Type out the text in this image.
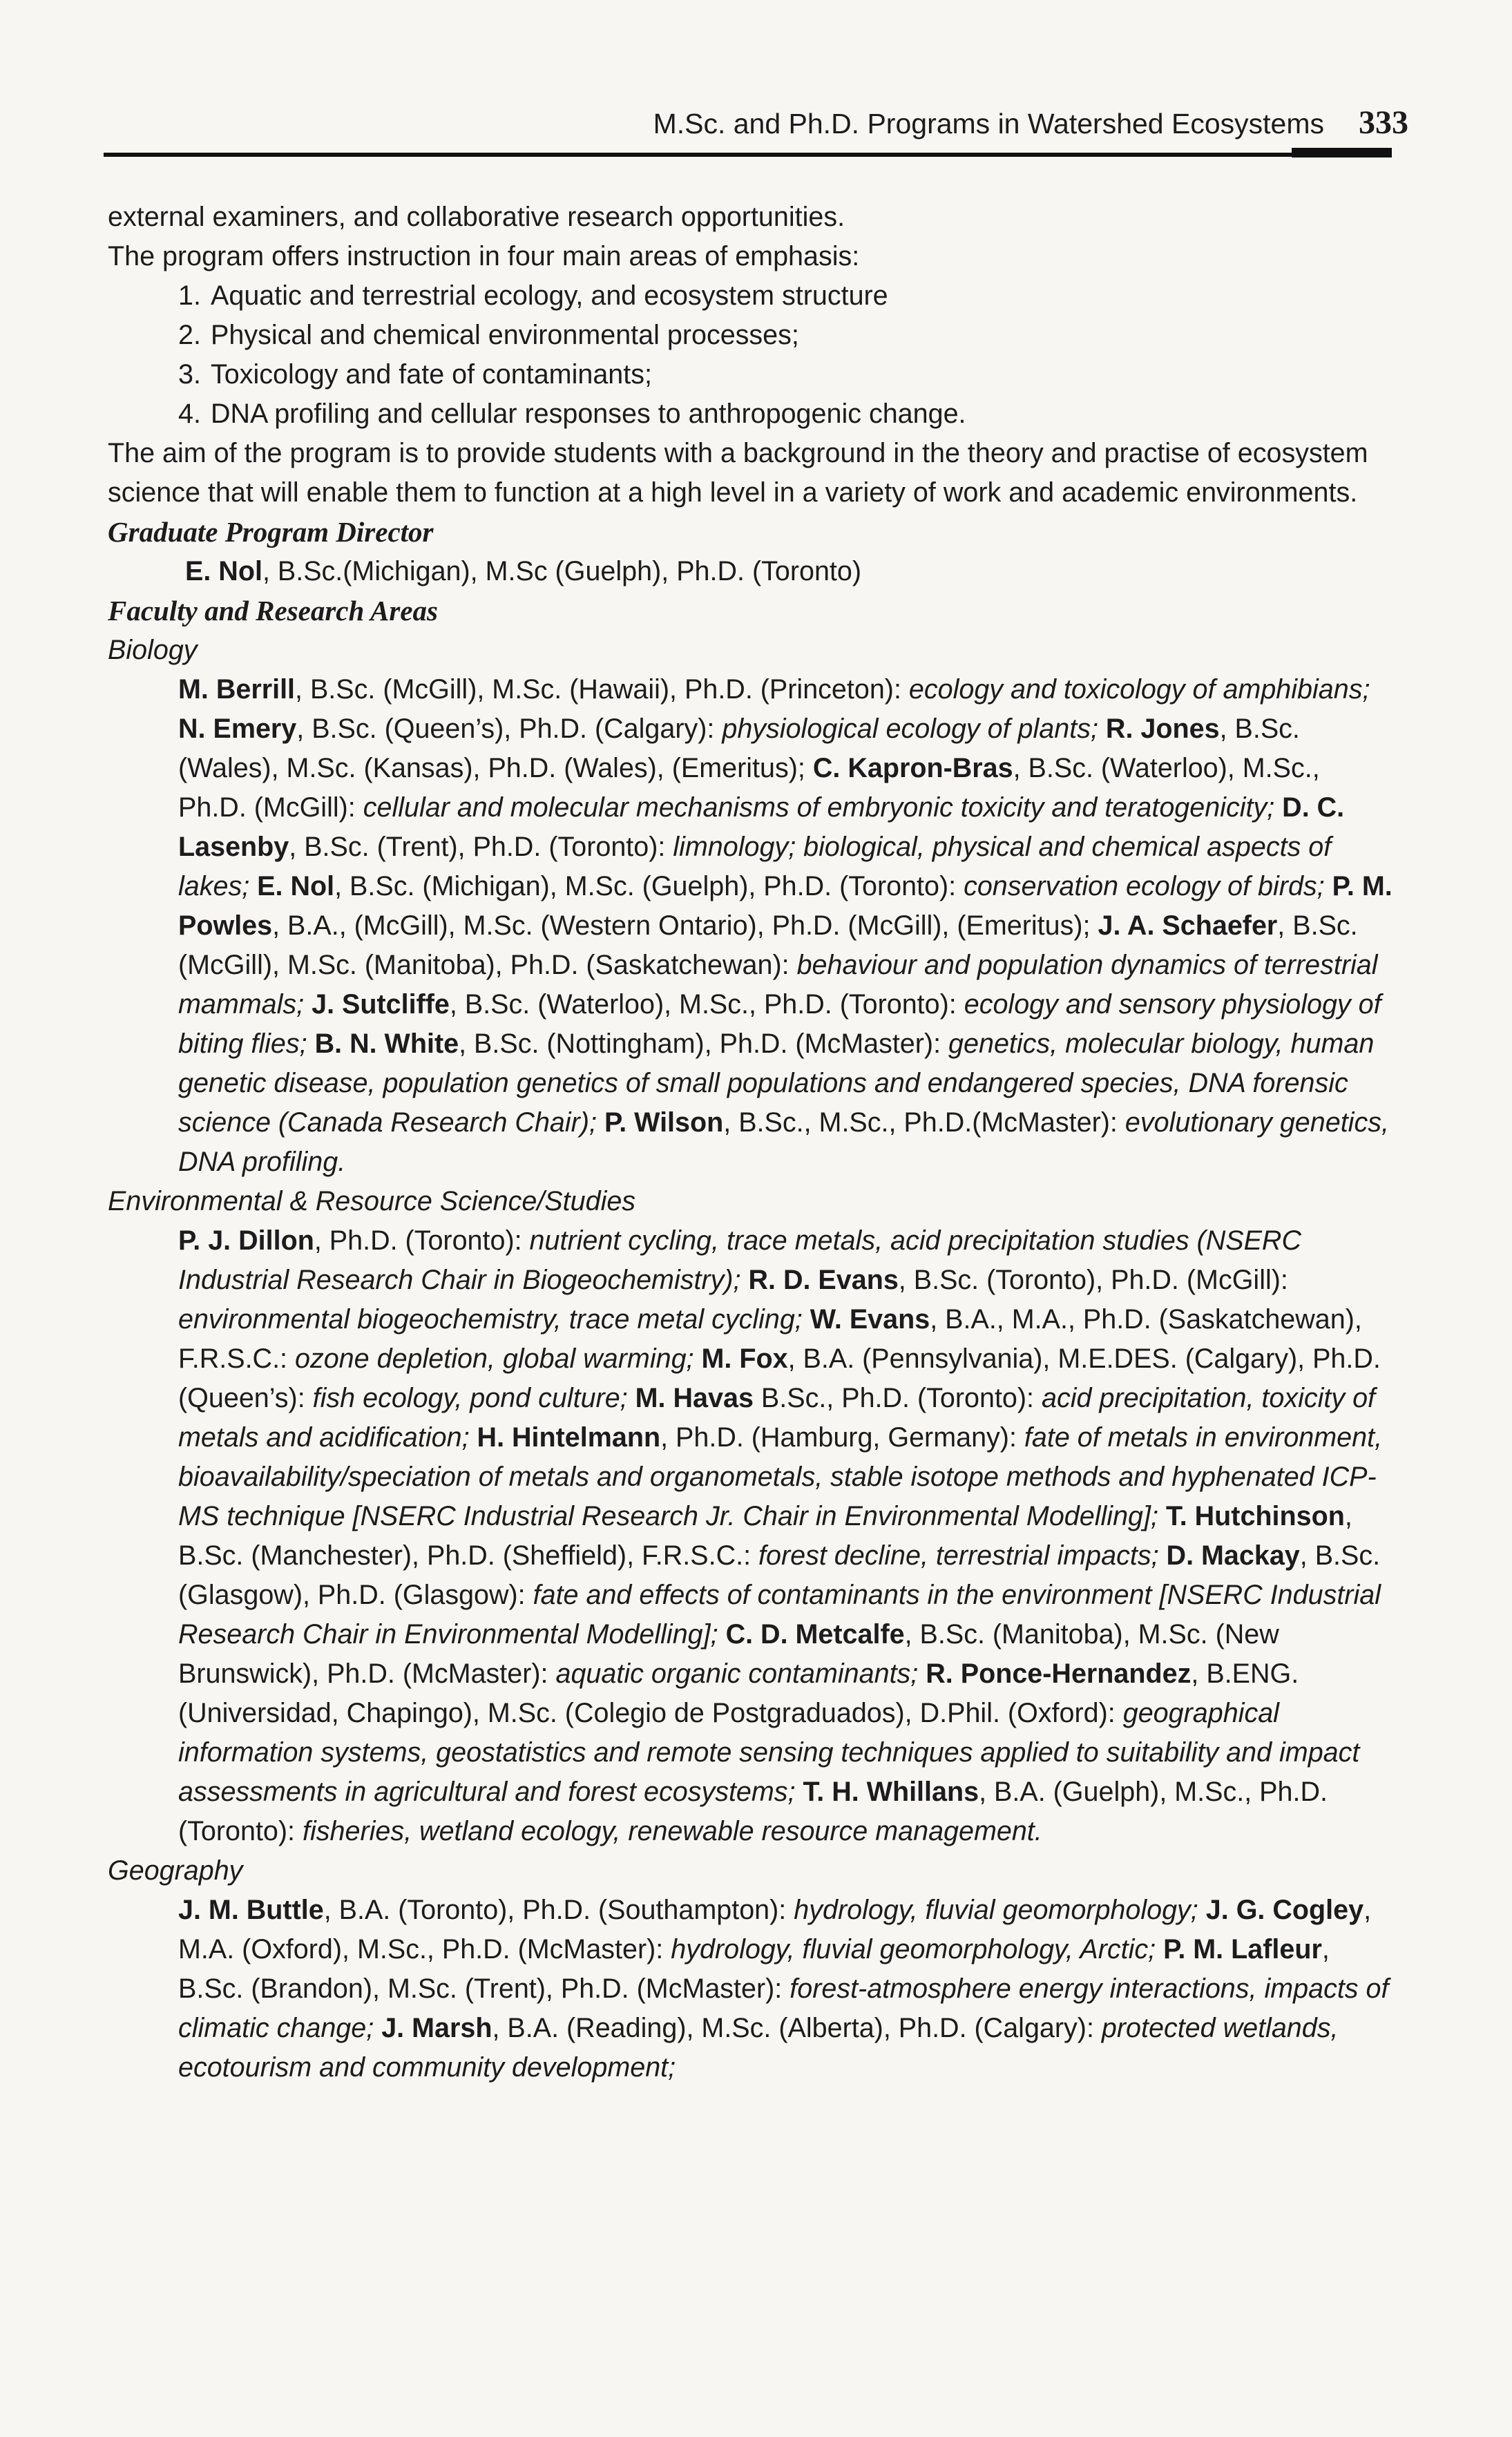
M.Sc. and Ph.D. Programs in Watershed Ecosystems 333

external examiners, and collaborative research opportunities.

The program offers instruction in four main areas of emphasis:

1. Aquatic and terrestrial ecology, and ecosystem structure
2. Physical and chemical environmental processes;
3. Toxicology and fate of contaminants;
4. DNA profiling and cellular responses to anthropogenic change.

The aim of the program is to provide students with a background in the theory and practise of ecosystem science that will enable them to function at a high level in a variety of work and academic environments.

Graduate Program Director

E. Nol, B.Sc.(Michigan), M.Sc (Guelph), Ph.D. (Toronto)

Faculty and Research Areas

Biology

M. Berrill, B.Sc. (McGill), M.Sc. (Hawaii), Ph.D. (Princeton): ecology and toxicology of amphibians; N. Emery, B.Sc. (Queen’s), Ph.D. (Calgary): physiological ecology of plants; R. Jones, B.Sc. (Wales), M.Sc. (Kansas), Ph.D. (Wales), (Emeritus); C. Kapron-Bras, B.Sc. (Waterloo), M.Sc., Ph.D. (McGill): cellular and molecular mechanisms of embryonic toxicity and teratogenicity; D. C. Lasenby, B.Sc. (Trent), Ph.D. (Toronto): limnology; biological, physical and chemical aspects of lakes; E. Nol, B.Sc. (Michigan), M.Sc. (Guelph), Ph.D. (Toronto): conservation ecology of birds; P. M. Powles, B.A., (McGill), M.Sc. (Western Ontario), Ph.D. (McGill), (Emeritus); J. A. Schaefer, B.Sc. (McGill), M.Sc. (Manitoba), Ph.D. (Saskatchewan): behaviour and population dynamics of terrestrial mammals; J. Sutcliffe, B.Sc. (Waterloo), M.Sc., Ph.D. (Toronto): ecology and sensory physiology of biting flies; B. N. White, B.Sc. (Nottingham), Ph.D. (McMaster): genetics, molecular biology, human genetic disease, population genetics of small populations and endangered species, DNA forensic science (Canada Research Chair); P. Wilson, B.Sc., M.Sc., Ph.D.(McMaster): evolutionary genetics, DNA profiling.

Environmental & Resource Science/Studies

P. J. Dillon, Ph.D. (Toronto): nutrient cycling, trace metals, acid precipitation studies (NSERC Industrial Research Chair in Biogeochemistry); R. D. Evans, B.Sc. (Toronto), Ph.D. (McGill): environmental biogeochemistry, trace metal cycling; W. Evans, B.A., M.A., Ph.D. (Saskatchewan), F.R.S.C.: ozone depletion, global warming; M. Fox, B.A. (Pennsylvania), M.E.DES. (Calgary), Ph.D. (Queen’s): fish ecology, pond culture; M. Havas B.Sc., Ph.D. (Toronto): acid precipitation, toxicity of metals and acidification; H. Hintelmann, Ph.D. (Hamburg, Germany): fate of metals in environment, bioavailability/speciation of metals and organometals, stable isotope methods and hyphenated ICP-MS technique [NSERC Industrial Research Jr. Chair in Environmental Modelling]; T. Hutchinson, B.Sc. (Manchester), Ph.D. (Sheffield), F.R.S.C.: forest decline, terrestrial impacts; D. Mackay, B.Sc. (Glasgow), Ph.D. (Glasgow): fate and effects of contaminants in the environment [NSERC Industrial Research Chair in Environmental Modelling]; C. D. Metcalfe, B.Sc. (Manitoba), M.Sc. (New Brunswick), Ph.D. (McMaster): aquatic organic contaminants; R. Ponce-Hernandez, B.ENG. (Universidad, Chapingo), M.Sc. (Colegio de Postgraduados), D.Phil. (Oxford): geographical information systems, geostatistics and remote sensing techniques applied to suitability and impact assessments in agricultural and forest ecosystems; T. H. Whillans, B.A. (Guelph), M.Sc., Ph.D. (Toronto): fisheries, wetland ecology, renewable resource management.

Geography

J. M. Buttle, B.A. (Toronto), Ph.D. (Southampton): hydrology, fluvial geomorphology; J. G. Cogley, M.A. (Oxford), M.Sc., Ph.D. (McMaster): hydrology, fluvial geomorphology, Arctic; P. M. Lafleur, B.Sc. (Brandon), M.Sc. (Trent), Ph.D. (McMaster): forest-atmosphere energy interactions, impacts of climatic change; J. Marsh, B.A. (Reading), M.Sc. (Alberta), Ph.D. (Calgary): protected wetlands, ecotourism and community development;
